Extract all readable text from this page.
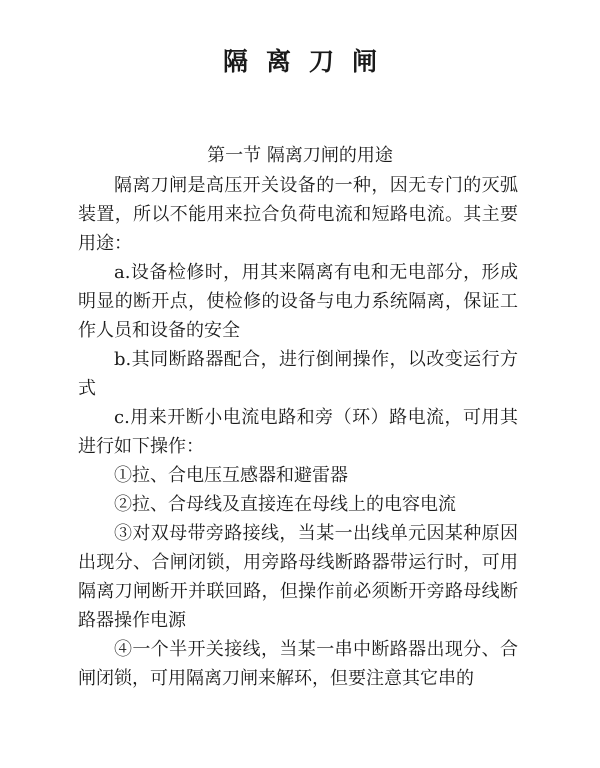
隔离刀闸
第一节 隔离刀闸的用途

隔离刀闸是高压开关设备的一种，因无专门的灭弧装置，所以不能用来拉合负荷电流和短路电流。其主要用途：

a.设备检修时，用其来隔离有电和无电部分，形成明显的断开点，使检修的设备与电力系统隔离，保证工作人员和设备的安全

b.其同断路器配合，进行倒闸操作，以改变运行方式

c.用来开断小电流电路和旁（环）路电流，可用其进行如下操作：

①拉、合电压互感器和避雷器

②拉、合母线及直接连在母线上的电容电流

③对双母带旁路接线，当某一出线单元因某种原因出现分、合闸闭锁，用旁路母线断路器带运行时，可用隔离刀闸断开并联回路，但操作前必须断开旁路母线断路器操作电源

④一个半开关接线，当某一串中断路器出现分、合闸闭锁，可用隔离刀闸来解环，但要注意其它串的
